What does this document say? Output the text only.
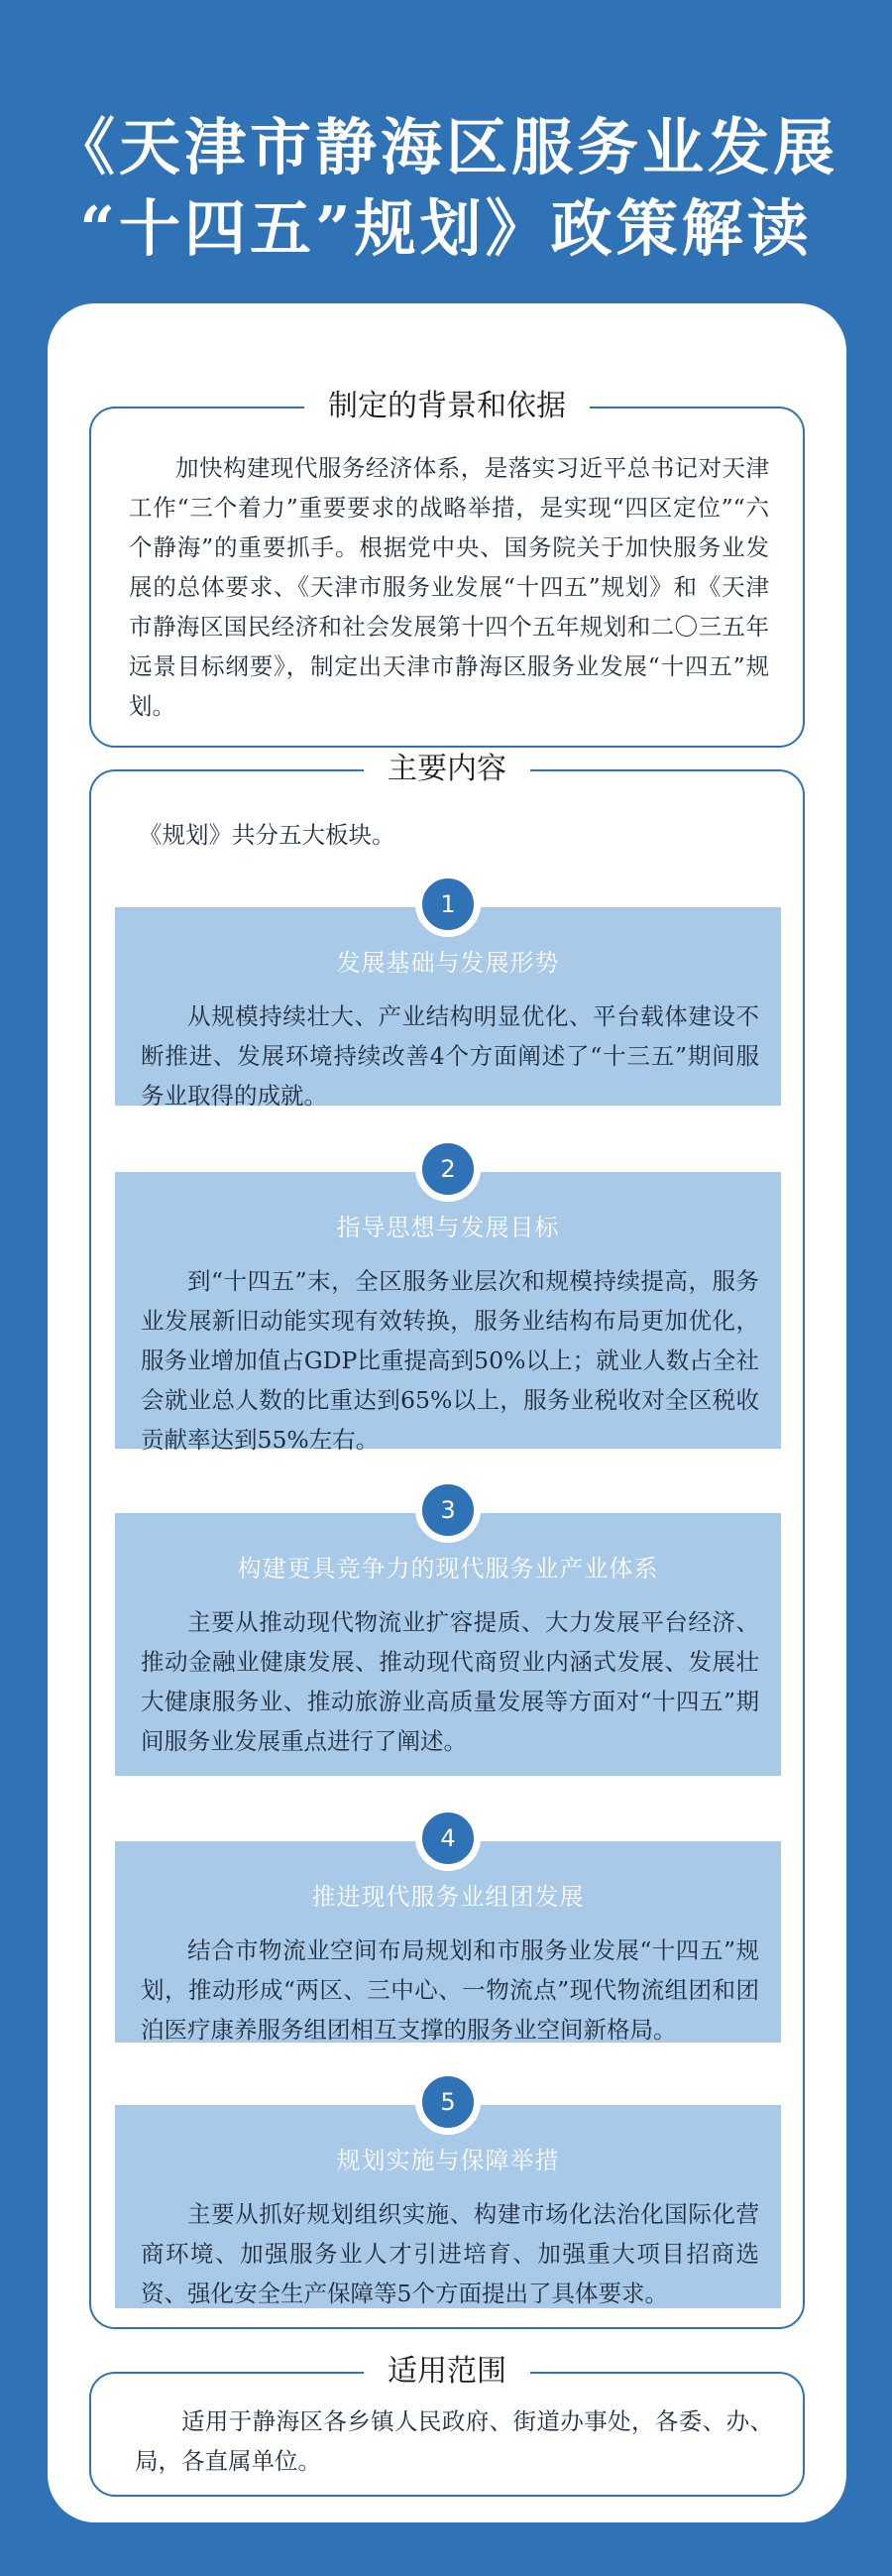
《天津市静海区服务业发展
“十四五”规划》政策解读
制定的背景和依据

加快构建现代服务经济体系，是落实习近平总书记对天津工作“三个着力”重要要求的战略举措，是实现“四区定位”“六个静海”的重要抓手。根据党中央、国务院关于加快服务业发展的总体要求、《天津市服务业发展“十四五”规划》和《天津市静海区国民经济和社会发展第十四个五年规划和二〇三五年远景目标纲要》，制定出天津市静海区服务业发展“十四五”规划。

主要内容

《规划》共分五大板块。

1
发展基础与发展形势

从规模持续壮大、产业结构明显优化、平台载体建设不断推进、发展环境持续改善4个方面阐述了“十三五”期间服务业取得的成就。

2
指导思想与发展目标

到“十四五”末，全区服务业层次和规模持续提高，服务业发展新旧动能实现有效转换，服务业结构布局更加优化，服务业增加值占GDP比重提高到50%以上；就业人数占全社会就业总人数的比重达到65%以上，服务业税收对全区税收贡献率达到55%左右。

3
构建更具竞争力的现代服务业产业体系

主要从推动现代物流业扩容提质、大力发展平台经济、推动金融业健康发展、推动现代商贸业内涵式发展、发展壮大健康服务业、推动旅游业高质量发展等方面对“十四五”期间服务业发展重点进行了阐述。

4
推进现代服务业组团发展

结合市物流业空间布局规划和市服务业发展“十四五”规划，推动形成“两区、三中心、一物流点”现代物流组团和团泊医疗康养服务组团相互支撑的服务业空间新格局。

5
规划实施与保障举措

主要从抓好规划组织实施、构建市场化法治化国际化营商环境、加强服务业人才引进培育、加强重大项目招商选资、强化安全生产保障等5个方面提出了具体要求。

适用范围

适用于静海区各乡镇人民政府、街道办事处，各委、办、局，各直属单位。
